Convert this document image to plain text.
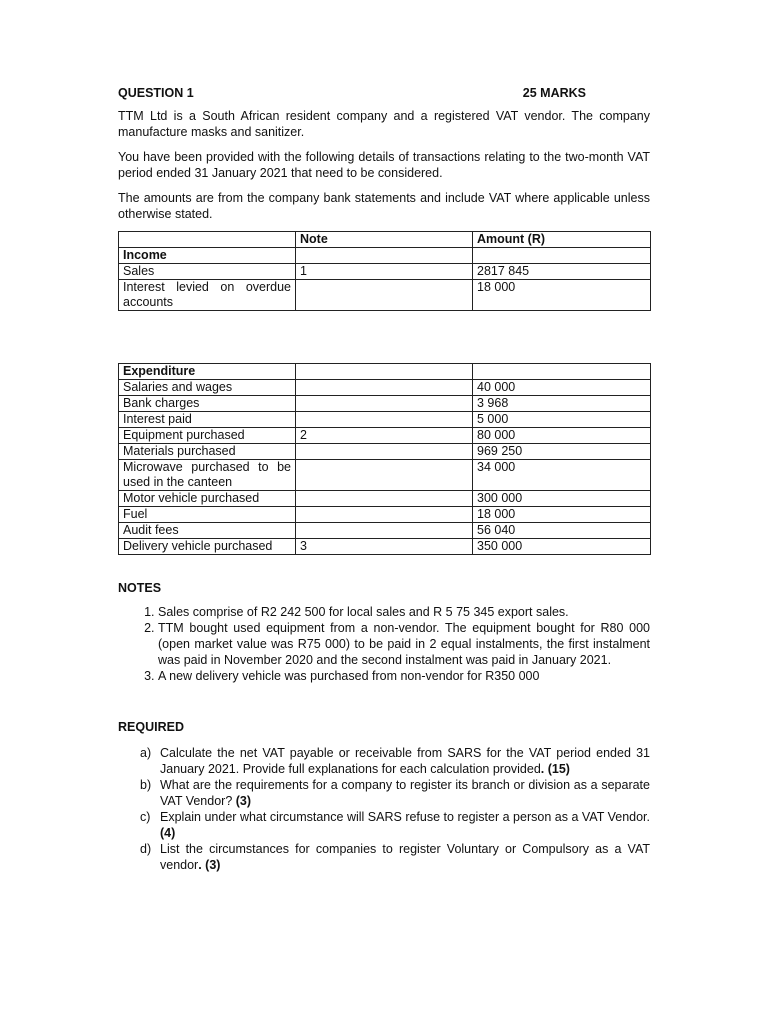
QUESTION 1	25 MARKS

TTM Ltd is a South African resident company and a registered VAT vendor. The company manufacture masks and sanitizer.

You have been provided with the following details of transactions relating to the two-month VAT period ended 31 January 2021 that need to be considered.

The amounts are from the company bank statements and include VAT where applicable unless otherwise stated.

	Note	Amount (R)
Income		
Sales	1	2817 845
Interest levied on overdue accounts		18 000
Expenditure		
Salaries and wages		40 000
Bank charges		3 968
Interest paid		5 000
Equipment purchased	2	80 000
Materials purchased		969 250
Microwave purchased to be used in the canteen		34 000
Motor vehicle purchased		300 000
Fuel		18 000
Audit fees		56 040
Delivery vehicle purchased	3	350 000
NOTES
1. Sales comprise of R2 242 500 for local sales and R 5 75 345 export sales.
2. TTM bought used equipment from a non-vendor. The equipment bought for R80 000 (open market value was R75 000) to be paid in 2 equal instalments, the first instalment was paid in November 2020 and the second instalment was paid in January 2021.
3. A new delivery vehicle was purchased from non-vendor for R350 000
REQUIRED
a) Calculate the net VAT payable or receivable from SARS for the VAT period ended 31 January 2021. Provide full explanations for each calculation provided. (15)
b) What are the requirements for a company to register its branch or division as a separate VAT Vendor? (3)
c) Explain under what circumstance will SARS refuse to register a person as a VAT Vendor. (4)
d) List the circumstances for companies to register Voluntary or Compulsory as a VAT vendor. (3)
